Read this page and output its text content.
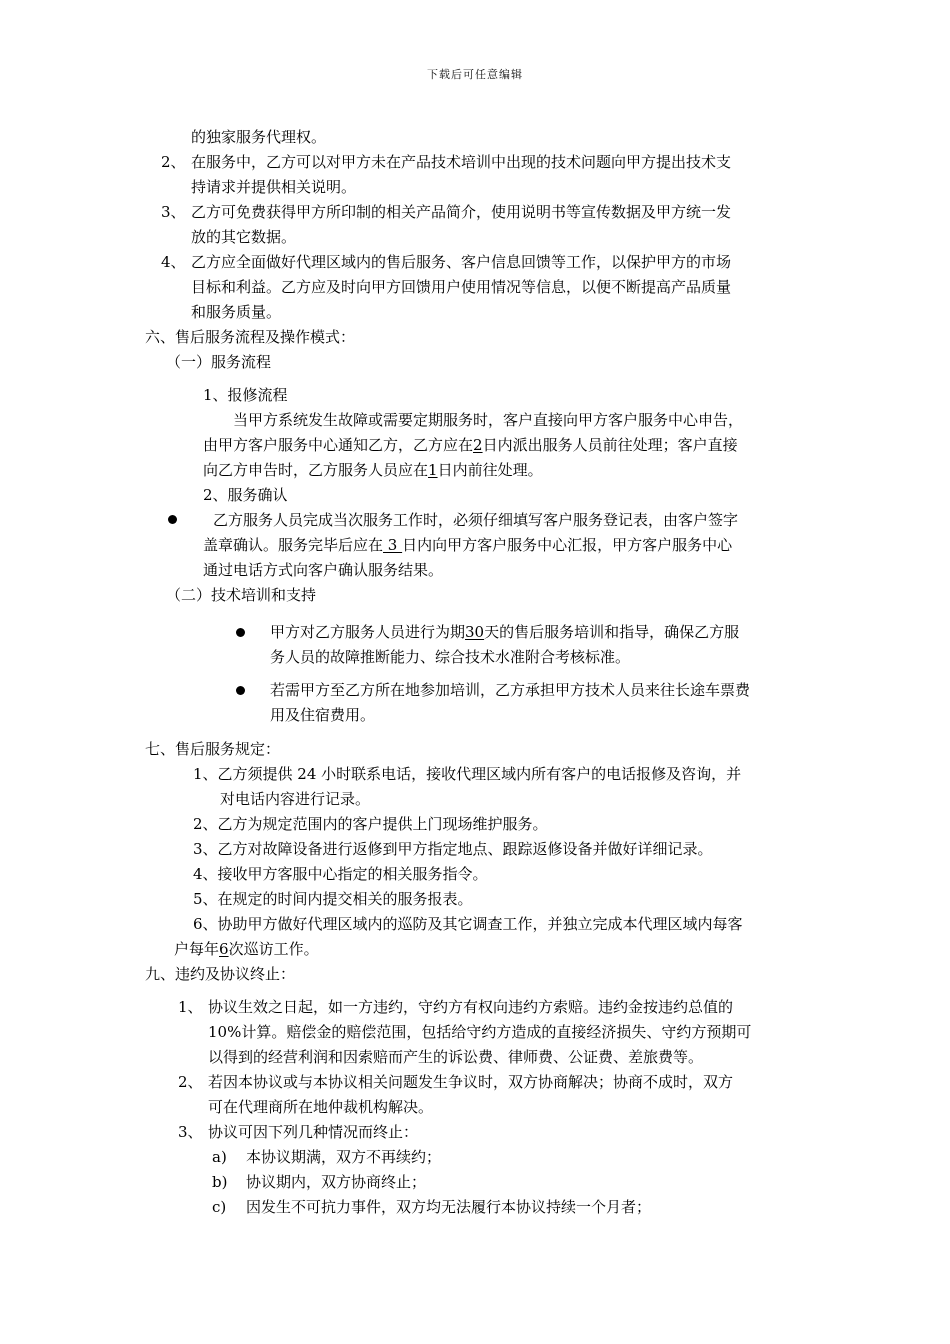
下载后可任意编辑
的独家服务代理权。
2、 在服务中，乙方可以对甲方未在产品技术培训中出现的技术问题向甲方提出技术支
持请求并提供相关说明。
3、 乙方可免费获得甲方所印制的相关产品简介，使用说明书等宣传数据及甲方统一发
放的其它数据。
4、 乙方应全面做好代理区域内的售后服务、客户信息回馈等工作，以保护甲方的市场
目标和利益。乙方应及时向甲方回馈用户使用情况等信息，以便不断提高产品质量
和服务质量。
六、售后服务流程及操作模式：
（一）服务流程
1、报修流程
当甲方系统发生故障或需要定期服务时，客户直接向甲方客户服务中心申告，
由甲方客户服务中心通知乙方，乙方应在2日内派出服务人员前往处理；客户直接
向乙方申告时，乙方服务人员应在1日内前往处理。
2、服务确认
乙方服务人员完成当次服务工作时，必须仔细填写客户服务登记表，由客户签字
盖章确认。服务完毕后应在 3 日内向甲方客户服务中心汇报，甲方客户服务中心
通过电话方式向客户确认服务结果。
（二）技术培训和支持
甲方对乙方服务人员进行为期30天的售后服务培训和指导，确保乙方服
务人员的故障推断能力、综合技术水准附合考核标准。
若需甲方至乙方所在地参加培训，乙方承担甲方技术人员来往长途车票费
用及住宿费用。
七、售后服务规定：
1、乙方须提供 24 小时联系电话，接收代理区域内所有客户的电话报修及咨询，并
对电话内容进行记录。
2、乙方为规定范围内的客户提供上门现场维护服务。
3、乙方对故障设备进行返修到甲方指定地点、跟踪返修设备并做好详细记录。
4、接收甲方客服中心指定的相关服务指令。
5、在规定的时间内提交相关的服务报表。
6、协助甲方做好代理区域内的巡防及其它调查工作，并独立完成本代理区域内每客
户每年6次巡访工作。
九、违约及协议终止：
1、 协议生效之日起，如一方违约，守约方有权向违约方索赔。违约金按违约总值的
10%计算。赔偿金的赔偿范围，包括给守约方造成的直接经济损失、守约方预期可
以得到的经营利润和因索赔而产生的诉讼费、律师费、公证费、差旅费等。
2、 若因本协议或与本协议相关问题发生争议时，双方协商解决；协商不成时，双方
可在代理商所在地仲裁机构解决。
3、 协议可因下列几种情况而终止：
a) 本协议期满，双方不再续约；
b) 协议期内，双方协商终止；
c) 因发生不可抗力事件，双方均无法履行本协议持续一个月者；
